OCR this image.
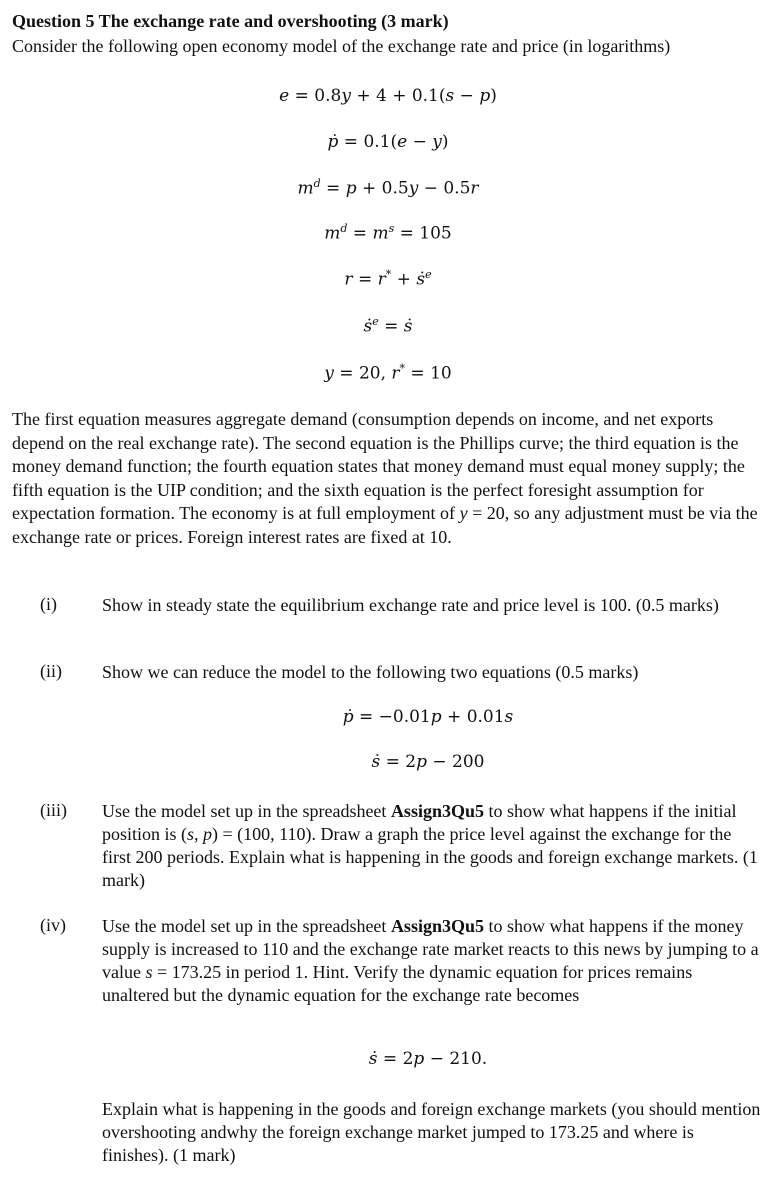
Question 5 The exchange rate and overshooting (3 mark)
Consider the following open economy model of the exchange rate and price (in logarithms)
e = 0.8y + 4 + 0.1(s − p)
ṗ = 0.1(e − y)
$m^d = p + 0.5y - 0.5r$
$m^d = m^s = 105$
r = r* + ṡ$^e$
ṡ$^e$ = ṡ
y = 20, r* = 10
The first equation measures aggregate demand (consumption depends on income, and net exports depend on the real exchange rate). The second equation is the Phillips curve; the third equation is the money demand function; the fourth equation states that money demand must equal money supply; the fifth equation is the UIP condition; and the sixth equation is the perfect foresight assumption for expectation formation. The economy is at full employment of y = 20, so any adjustment must be via the exchange rate or prices. Foreign interest rates are fixed at 10.
(i)	Show in steady state the equilibrium exchange rate and price level is 100. (0.5 marks)
(ii) Show we can reduce the model to the following two equations (0.5 marks)
ṗ = −0.01p + 0.01s
ṡ = 2p − 200
(iii) Use the model set up in the spreadsheet Assign3Qu5 to show what happens if the initial position is (s, p) = (100, 110). Draw a graph the price level against the exchange for the first 200 periods. Explain what is happening in the goods and foreign exchange markets. (1 mark)
(iv) Use the model set up in the spreadsheet Assign3Qu5 to show what happens if the money supply is increased to 110 and the exchange rate market reacts to this news by jumping to a value s = 173.25 in period 1. Hint. Verify the dynamic equation for prices remains unaltered but the dynamic equation for the exchange rate becomes
ṡ = 2p − 210.
Explain what is happening in the goods and foreign exchange markets (you should mention overshooting andwhy the foreign exchange market jumped to 173.25 and where is finishes). (1 mark)
